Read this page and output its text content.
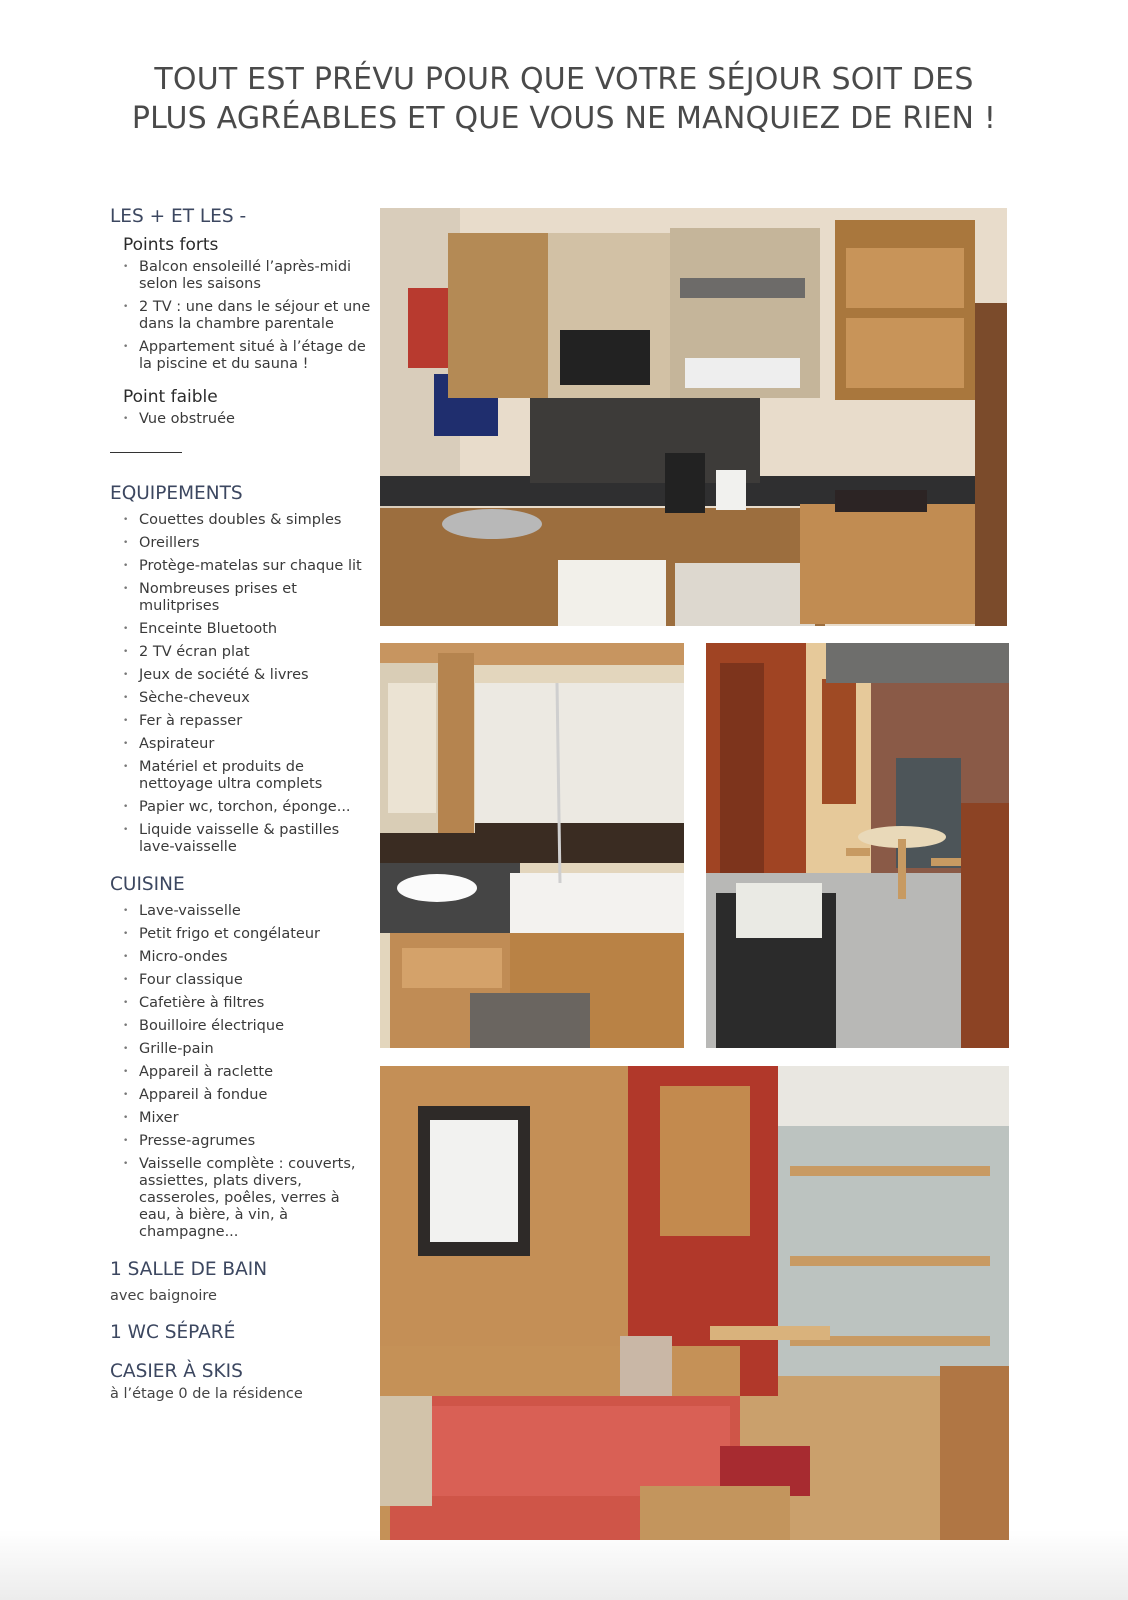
TOUT EST PRÉVU POUR QUE VOTRE SÉJOUR SOIT DES
PLUS AGRÉABLES ET QUE VOUS NE MANQUIEZ DE RIEN !
LES + ET LES -
Points forts
• Balcon ensoleillé l’après-midi selon les saisons
• 2 TV : une dans le séjour et une dans la chambre parentale
• Appartement situé à l’étage de la piscine et du sauna !
Point faible
• Vue obstruée
EQUIPEMENTS
• Couettes doubles & simples
• Oreillers
• Protège-matelas sur chaque lit
• Nombreuses prises et mulitprises
• Enceinte Bluetooth
• 2 TV écran plat
• Jeux de société & livres
• Sèche-cheveux
• Fer à repasser
• Aspirateur
• Matériel et produits de nettoyage ultra complets
• Papier wc, torchon, éponge...
• Liquide vaisselle & pastilles lave-vaisselle
CUISINE
• Lave-vaisselle
• Petit frigo et congélateur
• Micro-ondes
• Four classique
• Cafetière à filtres
• Bouilloire électrique
• Grille-pain
• Appareil à raclette
• Appareil à fondue
• Mixer
• Presse-agrumes
• Vaisselle complète : couverts, assiettes, plats divers, casseroles, poêles, verres à eau, à bière, à vin, à champagne...
1 SALLE DE BAIN
avec baignoire
1 WC SÉPARÉ
CASIER À SKIS
à l’étage 0 de la résidence
